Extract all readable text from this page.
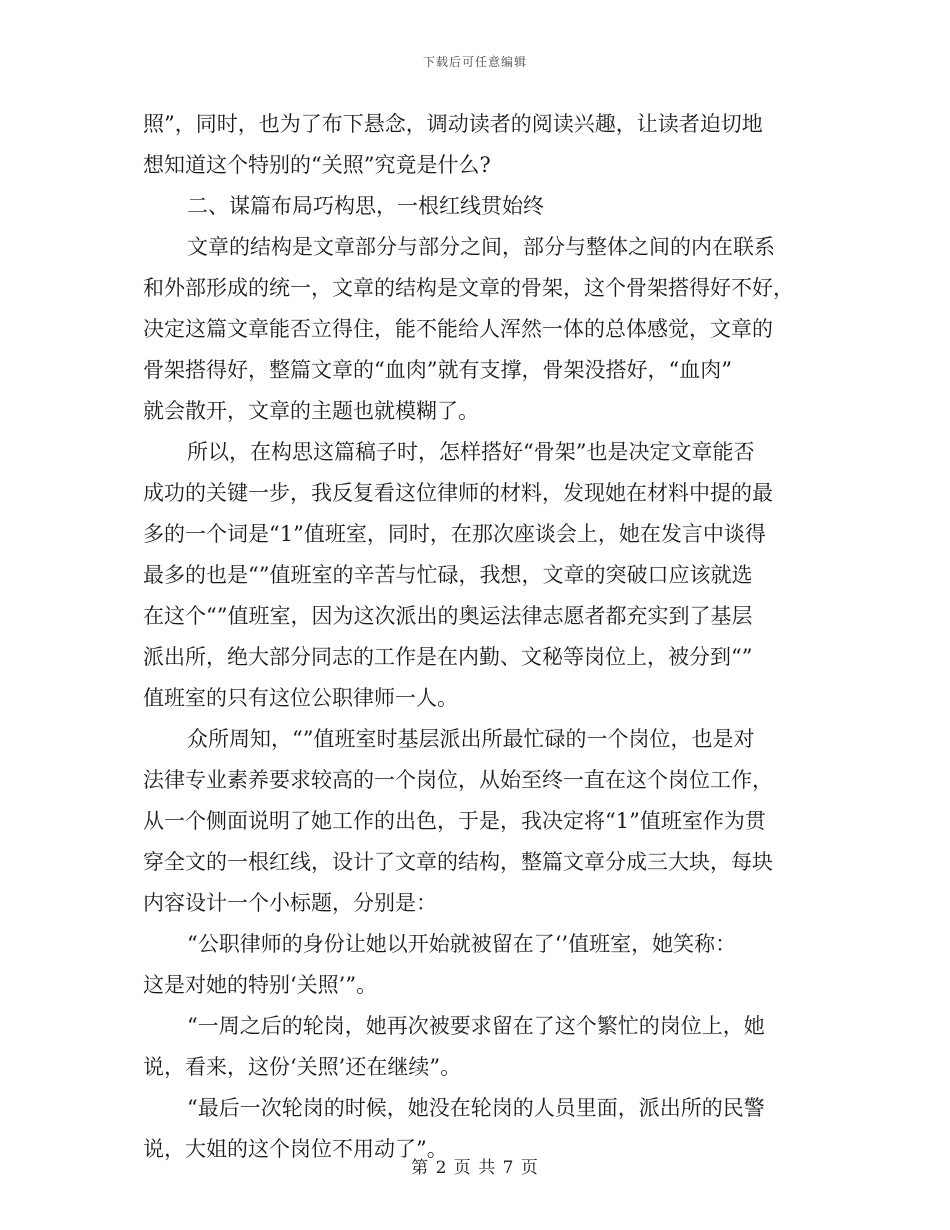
下载后可任意编辑
照”，同时，也为了布下悬念，调动读者的阅读兴趣，让读者迫切地
想知道这个特别的“关照”究竟是什么?
二、谋篇布局巧构思，一根红线贯始终
文章的结构是文章部分与部分之间，部分与整体之间的内在联系
和外部形成的统一，文章的结构是文章的骨架，这个骨架搭得好不好，
决定这篇文章能否立得住，能不能给人浑然一体的总体感觉，文章的
骨架搭得好，整篇文章的“血肉”就有支撑，骨架没搭好，“血肉”
就会散开，文章的主题也就模糊了。
所以，在构思这篇稿子时，怎样搭好“骨架”也是决定文章能否
成功的关键一步，我反复看这位律师的材料，发现她在材料中提的最
多的一个词是“1”值班室，同时，在那次座谈会上，她在发言中谈得
最多的也是“”值班室的辛苦与忙碌，我想，文章的突破口应该就选
在这个“”值班室，因为这次派出的奥运法律志愿者都充实到了基层
派出所，绝大部分同志的工作是在内勤、文秘等岗位上，被分到“”
值班室的只有这位公职律师一人。
众所周知，“”值班室时基层派出所最忙碌的一个岗位，也是对
法律专业素养要求较高的一个岗位，从始至终一直在这个岗位工作，
从一个侧面说明了她工作的出色，于是，我决定将“1”值班室作为贯
穿全文的一根红线，设计了文章的结构，整篇文章分成三大块，每块
内容设计一个小标题，分别是：
“公职律师的身份让她以开始就被留在了‘’值班室，她笑称：
这是对她的特别‘关照’”。
“一周之后的轮岗，她再次被要求留在了这个繁忙的岗位上，她
说，看来，这份‘关照’还在继续”。
“最后一次轮岗的时候，她没在轮岗的人员里面，派出所的民警
说，大姐的这个岗位不用动了”。
第 2 页 共 7 页
